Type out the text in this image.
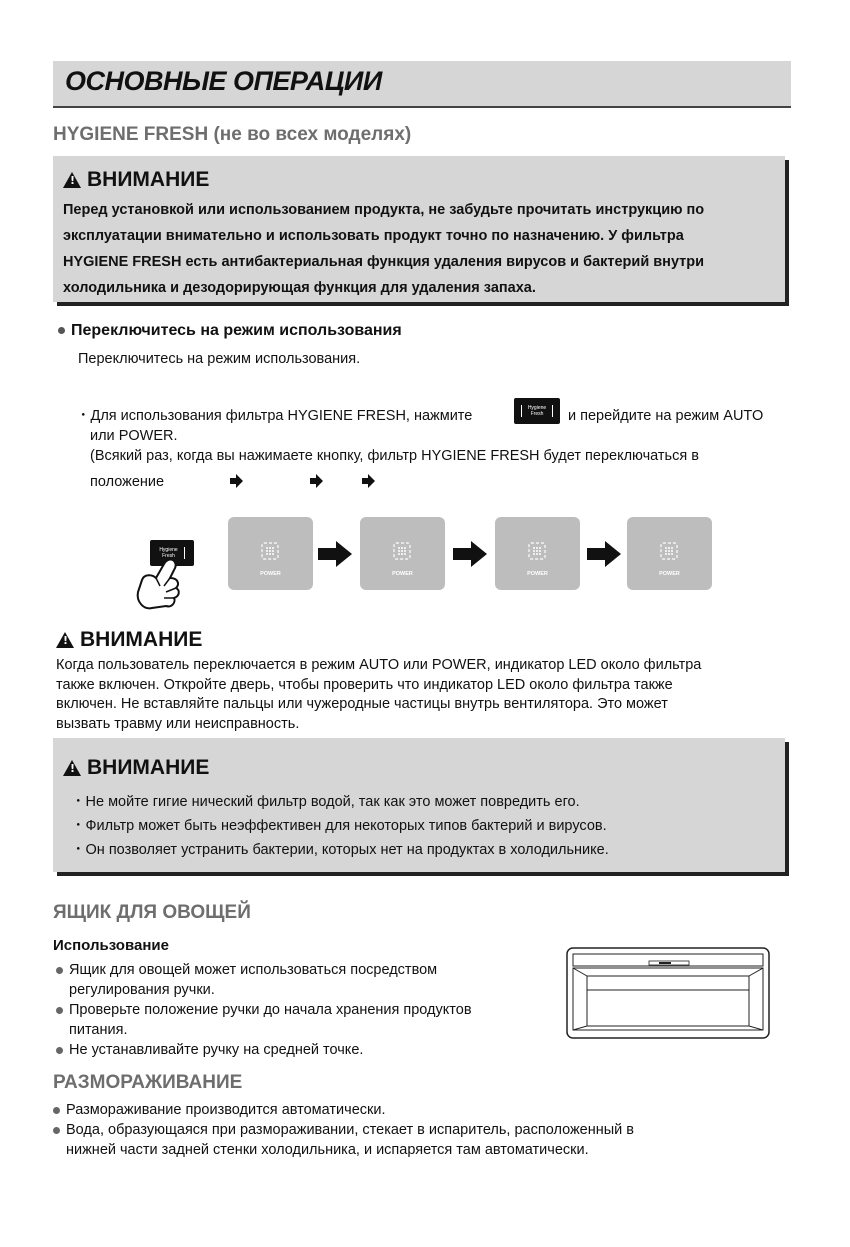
ОСНОВНЫЕ ОПЕРАЦИИ
HYGIENE FRESH (не во всех моделях)
!
ВНИМАНИЕ
Перед установкой или использованием продукта, не забудьте прочитать инструкцию по
эксплуатации внимательно и использовать продукт точно по назначению. У фильтра
HYGIENE FRESH есть антибактериальная функция удаления вирусов и бактерий внутри
холодильника и дезодорирующая функция для удаления запаха.
Переключитесь на режим использования
Переключитесь на режим использования.
・Для использования фильтра HYGIENE FRESH, нажмите	Hygiene
Fresh	и перейдите на режим AUTO
или POWER.
(Всякий раз, когда вы нажимаете кнопку, фильтр HYGIENE FRESH будет переключаться в
положение
Hygiene
Fresh
POWER	POWER	POWER	POWER
!
ВНИМАНИЕ
Когда пользователь переключается в режим AUTO или POWER, индикатор LED около фильтра
также включен. Откройте дверь, чтобы проверить что индикатор LED около фильтра также
включен. Не вставляйте пальцы или чужеродные частицы внутрь вентилятора. Это может
вызвать травму или неисправность.
!
ВНИМАНИЕ
・Не мойте гигие нический фильтр водой, так как это может повредить его.
・Фильтр может быть неэффективен для некоторых типов бактерий и вирусов.
・Он позволяет устранить бактерии, которых нет на продуктах в холодильнике.
ЯЩИК ДЛЯ ОВОЩЕЙ
Использование
Ящик для овощей может использоваться посредством
регулирования ручки.
Проверьте положение ручки до начала хранения продуктов
питания.
Не устанавливайте ручку на средней точке.
РАЗМОРАЖИВАНИЕ
Размораживание производится автоматически.
Вода, образующаяся при размораживании, стекает в испаритель, расположенный в
нижней части задней стенки холодильника, и испаряется там автоматически.
